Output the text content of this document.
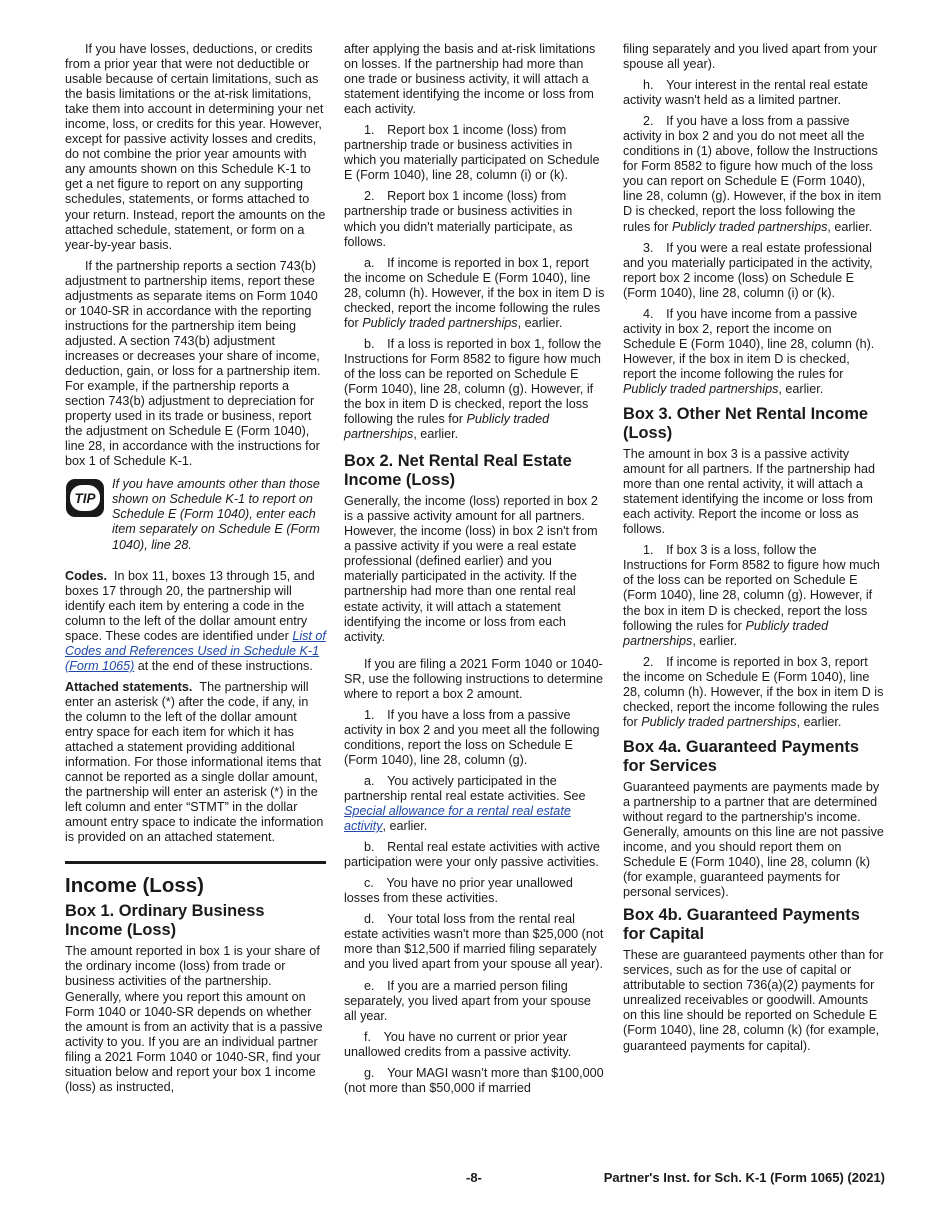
If you have losses, deductions, or credits from a prior year that were not deductible or usable because of certain limitations, such as the basis limitations or the at-risk limitations, take them into account in determining your net income, loss, or credits for this year. However, except for passive activity losses and credits, do not combine the prior year amounts with any amounts shown on this Schedule K-1 to get a net figure to report on any supporting schedules, statements, or forms attached to your return. Instead, report the amounts on the attached schedule, statement, or form on a year-by-year basis.

If the partnership reports a section 743(b) adjustment to partnership items, report these adjustments as separate items on Form 1040 or 1040-SR in accordance with the reporting instructions for the partnership item being adjusted. A section 743(b) adjustment increases or decreases your share of income, deduction, gain, or loss for a partnership item. For example, if the partnership reports a section 743(b) adjustment to depreciation for property used in its trade or business, report the adjustment on Schedule E (Form 1040), line 28, in accordance with the instructions for box 1 of Schedule K-1.

TIP
If you have amounts other than those shown on Schedule K-1 to report on Schedule E (Form 1040), enter each item separately on Schedule E (Form 1040), line 28.

Codes. In box 11, boxes 13 through 15, and boxes 17 through 20, the partnership will identify each item by entering a code in the column to the left of the dollar amount entry space. These codes are identified under List of Codes and References Used in Schedule K-1 (Form 1065) at the end of these instructions.

Attached statements. The partnership will enter an asterisk (*) after the code, if any, in the column to the left of the dollar amount entry space for each item for which it has attached a statement providing additional information. For those informational items that cannot be reported as a single dollar amount, the partnership will enter an asterisk (*) in the left column and enter “STMT” in the dollar amount entry space to indicate the information is provided on an attached statement.

Income (Loss)
Box 1. Ordinary Business Income (Loss)

The amount reported in box 1 is your share of the ordinary income (loss) from trade or business activities of the partnership. Generally, where you report this amount on Form 1040 or 1040-SR depends on whether the amount is from an activity that is a passive activity to you. If you are an individual partner filing a 2021 Form 1040 or 1040-SR, find your situation below and report your box 1 income (loss) as instructed,

after applying the basis and at-risk limitations on losses. If the partnership had more than one trade or business activity, it will attach a statement identifying the income or loss from each activity.

1. Report box 1 income (loss) from partnership trade or business activities in which you materially participated on Schedule E (Form 1040), line 28, column (i) or (k).

2. Report box 1 income (loss) from partnership trade or business activities in which you didn't materially participate, as follows.

a. If income is reported in box 1, report the income on Schedule E (Form 1040), line 28, column (h). However, if the box in item D is checked, report the income following the rules for Publicly traded partnerships, earlier.

b. If a loss is reported in box 1, follow the Instructions for Form 8582 to figure how much of the loss can be reported on Schedule E (Form 1040), line 28, column (g). However, if the box in item D is checked, report the loss following the rules for Publicly traded partnerships, earlier.

Box 2. Net Rental Real Estate Income (Loss)

Generally, the income (loss) reported in box 2 is a passive activity amount for all partners. However, the income (loss) in box 2 isn't from a passive activity if you were a real estate professional (defined earlier) and you materially participated in the activity. If the partnership had more than one rental real estate activity, it will attach a statement identifying the income or loss from each activity.

If you are filing a 2021 Form 1040 or 1040-SR, use the following instructions to determine where to report a box 2 amount.

1. If you have a loss from a passive activity in box 2 and you meet all the following conditions, report the loss on Schedule E (Form 1040), line 28, column (g).

a. You actively participated in the partnership rental real estate activities. See Special allowance for a rental real estate activity, earlier.

b. Rental real estate activities with active participation were your only passive activities.

c. You have no prior year unallowed losses from these activities.

d. Your total loss from the rental real estate activities wasn't more than $25,000 (not more than $12,500 if married filing separately and you lived apart from your spouse all year).

e. If you are a married person filing separately, you lived apart from your spouse all year.

f. You have no current or prior year unallowed credits from a passive activity.

g. Your MAGI wasn’t more than $100,000 (not more than $50,000 if married

filing separately and you lived apart from your spouse all year).

h. Your interest in the rental real estate activity wasn't held as a limited partner.

2. If you have a loss from a passive activity in box 2 and you do not meet all the conditions in (1) above, follow the Instructions for Form 8582 to figure how much of the loss you can report on Schedule E (Form 1040), line 28, column (g). However, if the box in item D is checked, report the loss following the rules for Publicly traded partnerships, earlier.

3. If you were a real estate professional and you materially participated in the activity, report box 2 income (loss) on Schedule E (Form 1040), line 28, column (i) or (k).

4. If you have income from a passive activity in box 2, report the income on Schedule E (Form 1040), line 28, column (h). However, if the box in item D is checked, report the income following the rules for Publicly traded partnerships, earlier.

Box 3. Other Net Rental Income (Loss)

The amount in box 3 is a passive activity amount for all partners. If the partnership had more than one rental activity, it will attach a statement identifying the income or loss from each activity. Report the income or loss as follows.

1. If box 3 is a loss, follow the Instructions for Form 8582 to figure how much of the loss can be reported on Schedule E (Form 1040), line 28, column (g). However, if the box in item D is checked, report the loss following the rules for Publicly traded partnerships, earlier.

2. If income is reported in box 3, report the income on Schedule E (Form 1040), line 28, column (h). However, if the box in item D is checked, report the income following the rules for Publicly traded partnerships, earlier.

Box 4a. Guaranteed Payments for Services

Guaranteed payments are payments made by a partnership to a partner that are determined without regard to the partnership's income. Generally, amounts on this line are not passive income, and you should report them on Schedule E (Form 1040), line 28, column (k) (for example, guaranteed payments for personal services).

Box 4b. Guaranteed Payments for Capital

These are guaranteed payments other than for services, such as for the use of capital or attributable to section 736(a)(2) payments for unrealized receivables or goodwill. Amounts on this line should be reported on Schedule E (Form 1040), line 28, column (k) (for example, guaranteed payments for capital).

-8-	Partner's Inst. for Sch. K-1 (Form 1065) (2021)
